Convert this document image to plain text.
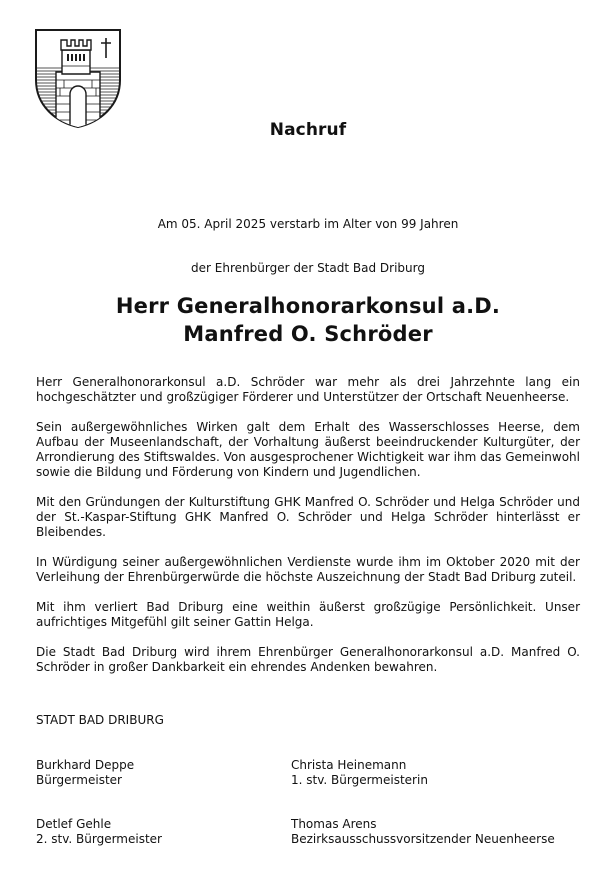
Nachruf
Am 05. April 2025 verstarb im Alter von 99 Jahren
der Ehrenbürger der Stadt Bad Driburg
Herr Generalhonorarkonsul a.D.
Manfred O. Schröder

Herr Generalhonorarkonsul a.D. Schröder war mehr als drei Jahrzehnte lang ein hochgeschätzter und großzügiger Förderer und Unterstützer der Ortschaft Neuenheerse.

Sein außergewöhnliches Wirken galt dem Erhalt des Wasserschlosses Heerse, dem Aufbau der Museenlandschaft, der Vorhaltung äußerst beeindruckender Kulturgüter, der Arrondierung des Stiftswaldes. Von ausgesprochener Wichtigkeit war ihm das Gemeinwohl sowie die Bildung und Förderung von Kindern und Jugendlichen.

Mit den Gründungen der Kulturstiftung GHK Manfred O. Schröder und Helga Schröder und der St.-Kaspar-Stiftung GHK Manfred O. Schröder und Helga Schröder hinterlässt er Bleibendes.

In Würdigung seiner außergewöhnlichen Verdienste wurde ihm im Oktober 2020 mit der Verleihung der Ehrenbürgerwürde die höchste Auszeichnung der Stadt Bad Driburg zuteil.

Mit ihm verliert Bad Driburg eine weithin äußerst großzügige Persönlichkeit. Unser aufrichtiges Mitgefühl gilt seiner Gattin Helga.

Die Stadt Bad Driburg wird ihrem Ehrenbürger Generalhonorarkonsul a.D. Manfred O. Schröder in großer Dankbarkeit ein ehrendes Andenken bewahren.

STADT BAD DRIBURG
Burkhard Deppe
Bürgermeister
Christa Heinemann
1. stv. Bürgermeisterin
Detlef Gehle
2. stv. Bürgermeister
Thomas Arens
Bezirksausschussvorsitzender Neuenheerse
